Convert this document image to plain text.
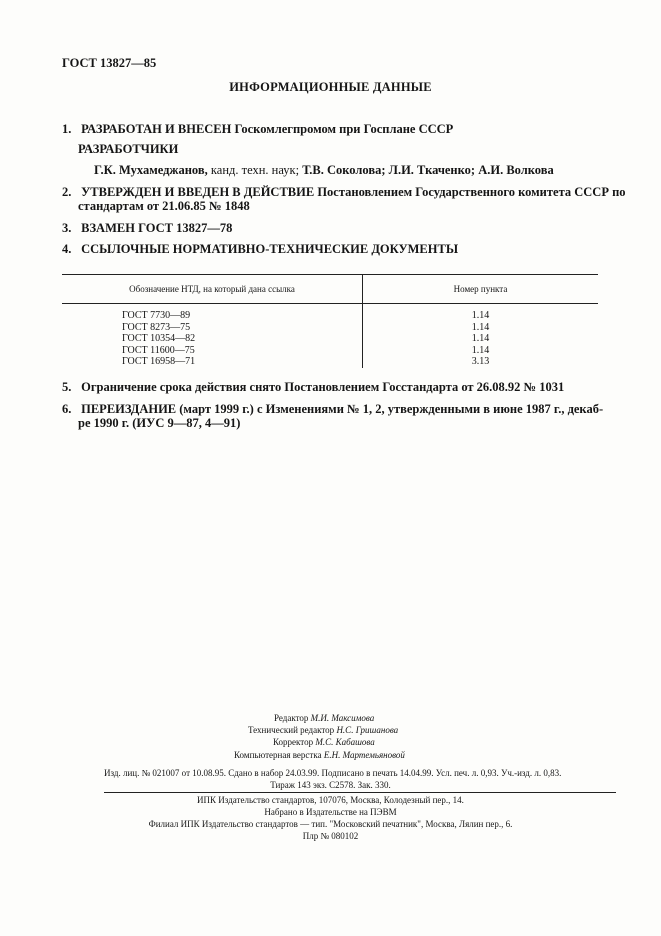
ГОСТ 13827—85
ИНФОРМАЦИОННЫЕ ДАННЫЕ
1. РАЗРАБОТАН И ВНЕСЕН Госкомлегпромом при Госплане СССР
РАЗРАБОТЧИКИ
Г.К. Мухамеджанов, канд. техн. наук; Т.В. Соколова; Л.И. Ткаченко; А.И. Волкова
2. УТВЕРЖДЕН И ВВЕДЕН В ДЕЙСТВИЕ Постановлением Государственного комитета СССР по
стандартам от 21.06.85 № 1848
3. ВЗАМЕН ГОСТ 13827—78
4. ССЫЛОЧНЫЕ НОРМАТИВНО-ТЕХНИЧЕСКИЕ ДОКУМЕНТЫ
Обозначение НТД, на который дана ссылка	Номер пункта
ГОСТ 7730—89	1.14
ГОСТ 8273—75	1.14
ГОСТ 10354—82	1.14
ГОСТ 11600—75	1.14
ГОСТ 16958—71	3.13
5. Ограничение срока действия снято Постановлением Госстандарта от 26.08.92 № 1031
6. ПЕРЕИЗДАНИЕ (март 1999 г.) с Изменениями № 1, 2, утвержденными в июне 1987 г., декаб-
ре 1990 г. (ИУС 9—87, 4—91)
Редактор М.И. Максимова
Технический редактор Н.С. Гришанова
Корректор М.С. Кабашова
Компьютерная верстка Е.Н. Мартемьяновой
Изд. лиц. № 021007 от 10.08.95. Сдано в набор 24.03.99. Подписано в печать 14.04.99. Усл. печ. л. 0,93. Уч.-изд. л. 0,83.
Тираж 143 экз. С2578. Зак. 330.
ИПК Издательство стандартов, 107076, Москва, Колодезный пер., 14.
Набрано в Издательстве на ПЭВМ
Филиал ИПК Издательство стандартов — тип. "Московский печатник", Москва, Лялин пер., 6.
Плр № 080102
